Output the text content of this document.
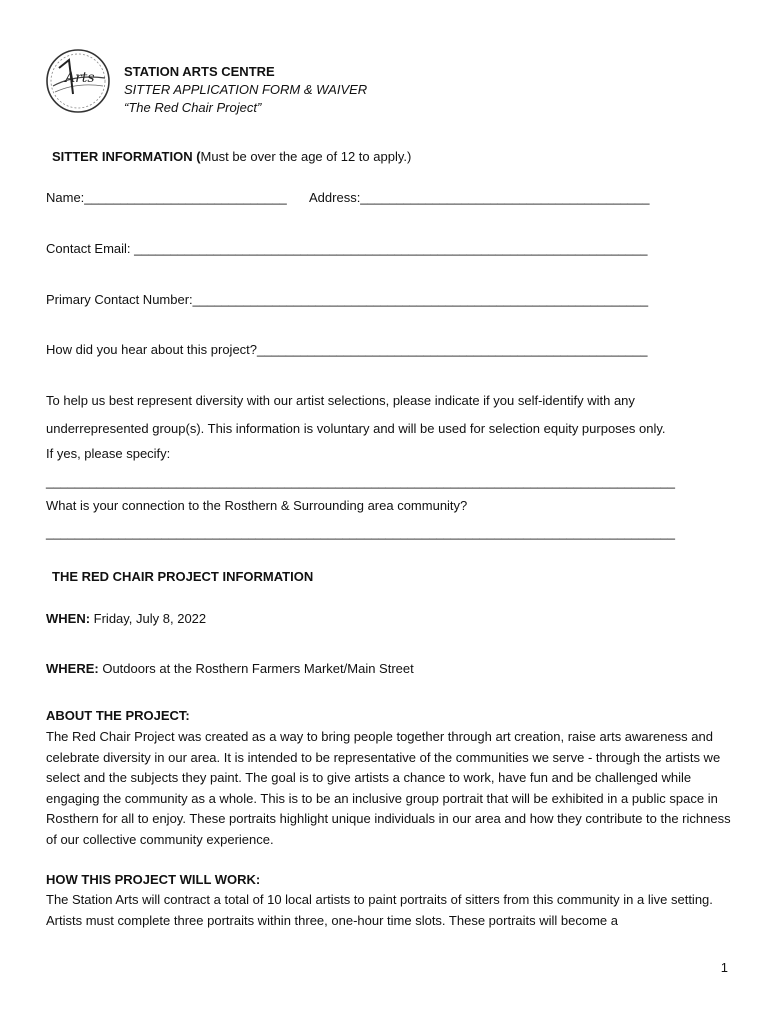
Arts STATION ARTS CENTRE
SITTER APPLICATION FORM & WAIVER
“The Red Chair Project”
SITTER INFORMATION (Must be over the age of 12 to apply.)
Name:____________________________ Address:________________________________________
Contact Email: _______________________________________________________________________
Primary Contact Number:_______________________________________________________________
How did you hear about this project?______________________________________________________
To help us best represent diversity with our artist selections, please indicate if you self-identify with any
underrepresented group(s). This information is voluntary and will be used for selection equity purposes only.
If yes, please specify:
_______________________________________________________________________________________
What is your connection to the Rosthern & Surrounding area community?
_______________________________________________________________________________________
THE RED CHAIR PROJECT INFORMATION
WHEN: Friday, July 8, 2022
WHERE: Outdoors at the Rosthern Farmers Market/Main Street
ABOUT THE PROJECT:
The Red Chair Project was created as a way to bring people together through art creation, raise arts awareness and celebrate diversity in our area. It is intended to be representative of the communities we serve - through the artists we select and the subjects they paint. The goal is to give artists a chance to work, have fun and be challenged while engaging the community as a whole. This is to be an inclusive group portrait that will be exhibited in a public space in Rosthern for all to enjoy. These portraits highlight unique individuals in our area and how they contribute to the richness of our collective community experience.
HOW THIS PROJECT WILL WORK:
The Station Arts will contract a total of 10 local artists to paint portraits of sitters from this community in a live setting. Artists must complete three portraits within three, one-hour time slots. These portraits will become a
1
